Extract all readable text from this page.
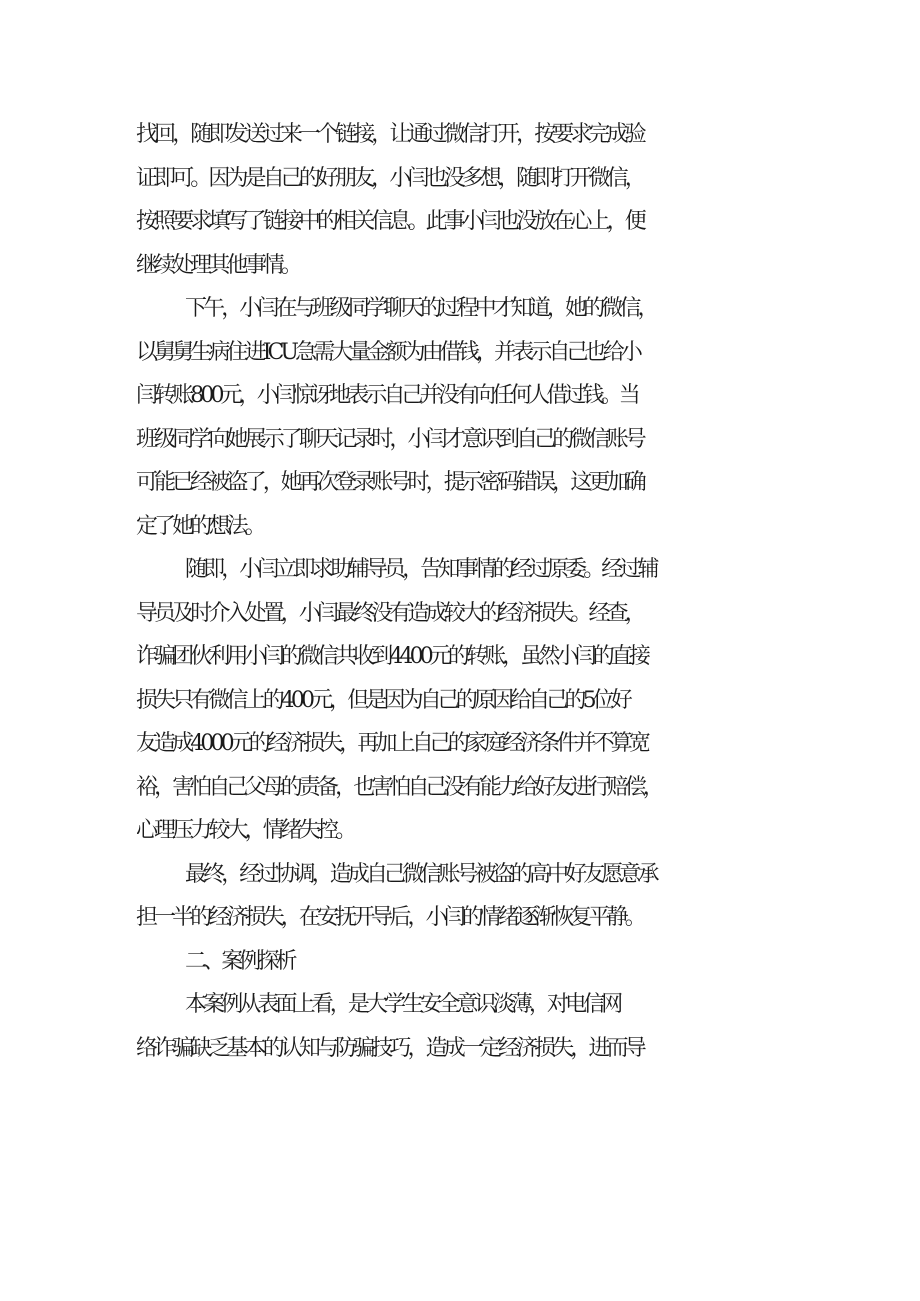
找回，随即发送过来一个链接，让通过微信打开，按要求完成验
证即可。因为是自己的好朋友，小闫也没多想，随即打开微信，
按照要求填写了链接中的相关信息。此事小闫也没放在心上，便
继续处理其他事情。
下午，小闫在与班级同学聊天的过程中才知道，她的微信，
以舅舅生病住进ICU急需大量金额为由借钱，并表示自己也给小
闫转账800元，小闫惊讶地表示自己并没有向任何人借过钱。当
班级同学向她展示了聊天记录时，小闫才意识到自己的微信账号
可能已经被盗了，她再次登录账号时，提示密码错误，这更加确
定了她的想法。
随即，小闫立即求助辅导员，告知事情的经过原委。经过辅
导员及时介入处置，小闫最终没有造成较大的经济损失。经查，
诈骗团伙利用小闫的微信共收到4400元的转账，虽然小闫的直接
损失只有微信上的400元，但是因为自己的原因给自己的5位好
友造成4000元的经济损失，再加上自己的家庭经济条件并不算宽
裕，害怕自己父母的责备，也害怕自己没有能力给好友进行赔偿，
心理压力较大，情绪失控。
最终，经过协调，造成自己微信账号被盗的高中好友愿意承
担一半的经济损失，在安抚开导后，小闫的情绪逐渐恢复平静。
二、案例探析
本案例从表面上看，是大学生安全意识淡薄，对电信网
络诈骗缺乏基本的认知与防骗技巧，造成一定经济损失，进而导
